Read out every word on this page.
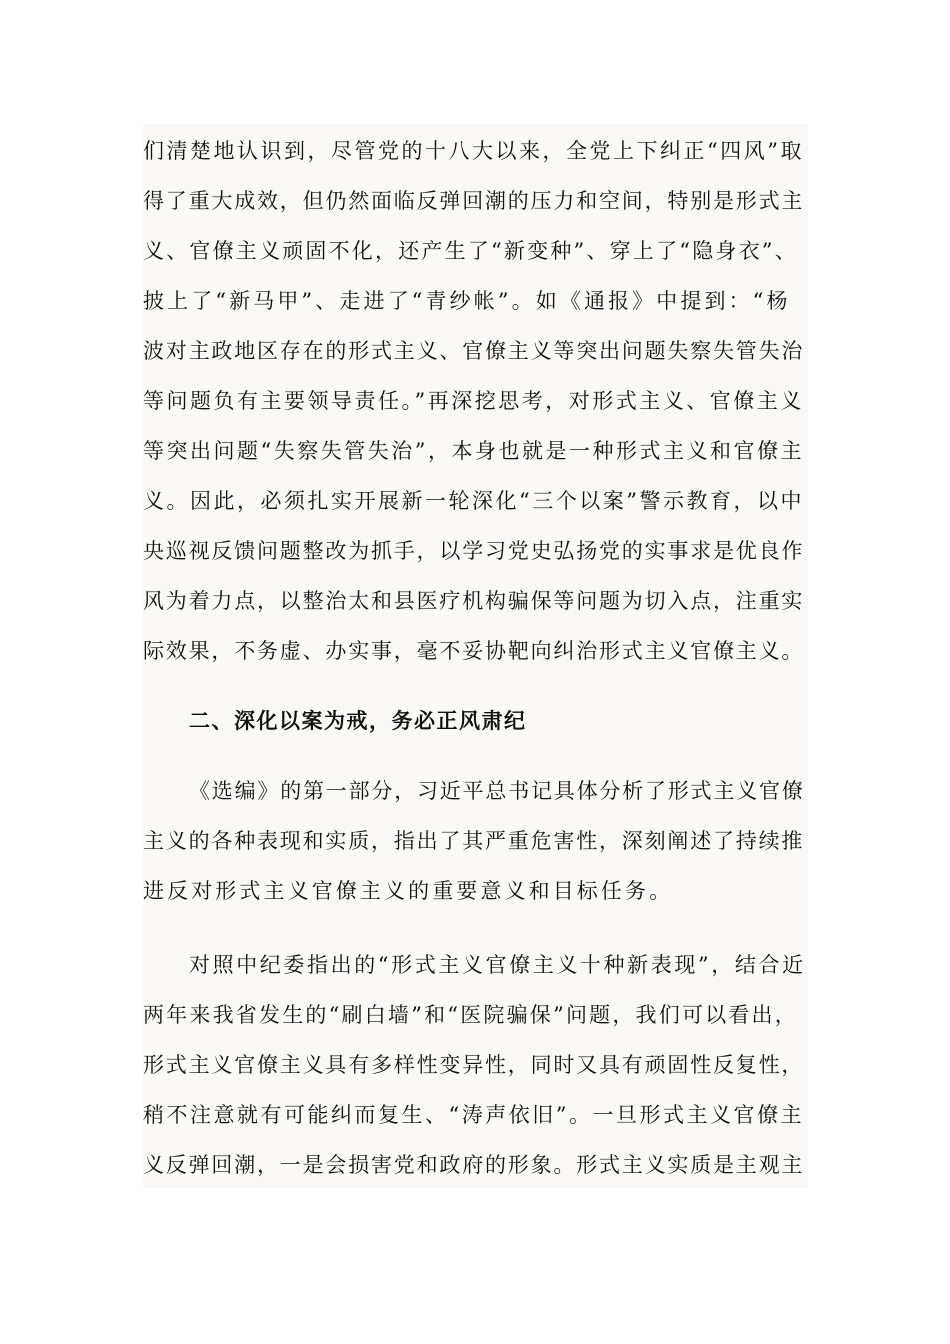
们清楚地认识到，尽管党的十八大以来，全党上下纠正“四风”取
得了重大成效，但仍然面临反弹回潮的压力和空间，特别是形式主
义、官僚主义顽固不化，还产生了“新变种”、穿上了“隐身衣”、
披上了“新马甲”、走进了“青纱帐”。如《通报》中提到：“杨
波对主政地区存在的形式主义、官僚主义等突出问题失察失管失治
等问题负有主要领导责任。”再深挖思考，对形式主义、官僚主义
等突出问题“失察失管失治”，本身也就是一种形式主义和官僚主
义。因此，必须扎实开展新一轮深化“三个以案”警示教育，以中
央巡视反馈问题整改为抓手，以学习党史弘扬党的实事求是优良作
风为着力点，以整治太和县医疗机构骗保等问题为切入点，注重实
际效果，不务虚、办实事，毫不妥协靶向纠治形式主义官僚主义。
二、深化以案为戒，务必正风肃纪
《选编》的第一部分，习近平总书记具体分析了形式主义官僚
主义的各种表现和实质，指出了其严重危害性，深刻阐述了持续推
进反对形式主义官僚主义的重要意义和目标任务。
对照中纪委指出的“形式主义官僚主义十种新表现”，结合近
两年来我省发生的“刷白墙”和“医院骗保”问题，我们可以看出，
形式主义官僚主义具有多样性变异性，同时又具有顽固性反复性，
稍不注意就有可能纠而复生、“涛声依旧”。一旦形式主义官僚主
义反弹回潮，一是会损害党和政府的形象。形式主义实质是主观主
